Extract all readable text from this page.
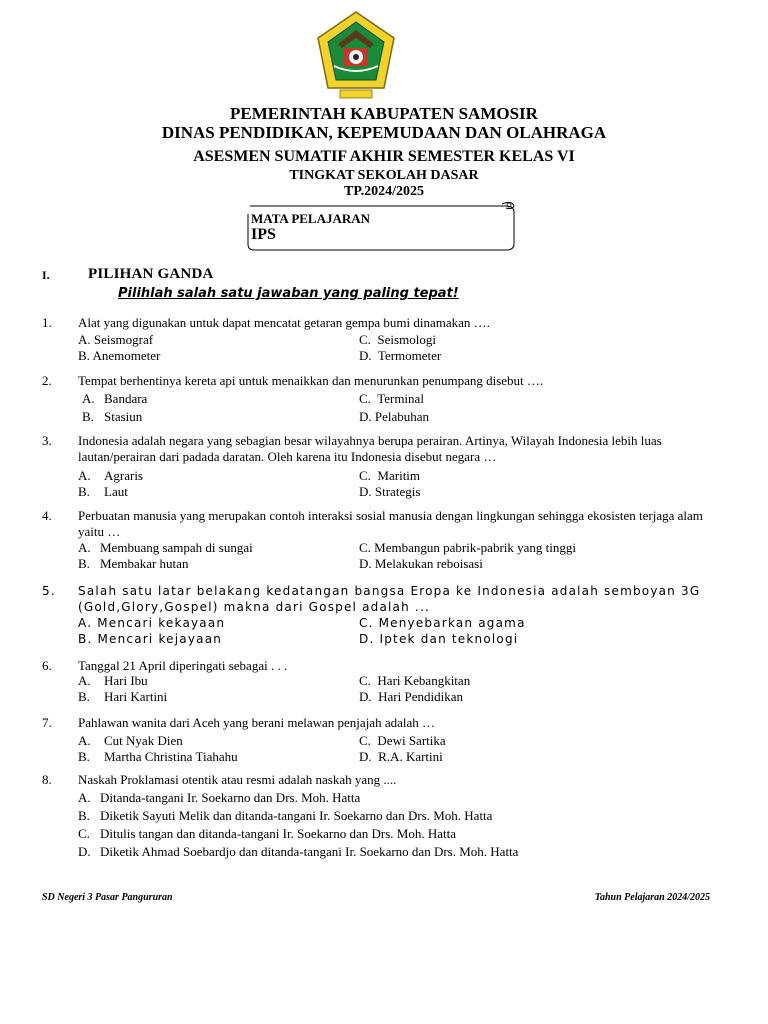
PEMERINTAH KABUPATEN SAMOSIR
DINAS PENDIDIKAN, KEPEMUDAAN DAN OLAHRAGA
ASESMEN SUMATIF AKHIR SEMESTER KELAS VI
TINGKAT SEKOLAH DASAR
TP.2024/2025
MATA PELAJARAN
IPS
I.	PILIHAN GANDA
Pilihlah salah satu jawaban yang paling tepat!
1. Alat yang digunakan untuk dapat mencatat getaran gempa bumi dinamakan ….
A. Seismograf	C. Seismologi
B. Anemometer	D. Termometer
2. Tempat berhentinya kereta api untuk menaikkan dan menurunkan penumpang disebut ….
A. Bandara	C. Terminal
B. Stasiun	D. Pelabuhan
3. Indonesia adalah negara yang sebagian besar wilayahnya berupa perairan. Artinya, Wilayah Indonesia lebih luas lautan/perairan dari padada daratan. Oleh karena itu Indonesia disebut negara …
A. Agraris	C. Maritim
B. Laut	D. Strategis
4. Perbuatan manusia yang merupakan contoh interaksi sosial manusia dengan lingkungan sehingga ekosisten terjaga alam yaitu …
A. Membuang sampah di sungai	C. Membangun pabrik-pabrik yang tinggi
B. Membakar hutan	D. Melakukan reboisasi
5. Salah satu latar belakang kedatangan bangsa Eropa ke Indonesia adalah semboyan 3G (Gold,Glory,Gospel) makna dari Gospel adalah ...
A. Mencari kekayaan	C. Menyebarkan agama
B. Mencari kejayaan	D. Iptek dan teknologi
6. Tanggal 21 April diperingati sebagai . . .
A. Hari Ibu	C. Hari Kebangkitan
B. Hari Kartini	D. Hari Pendidikan
7. Pahlawan wanita dari Aceh yang berani melawan penjajah adalah …
A. Cut Nyak Dien	C. Dewi Sartika
B. Martha Christina Tiahahu	D. R.A. Kartini
8. Naskah Proklamasi otentik atau resmi adalah naskah yang ....
A. Ditanda-tangani Ir. Soekarno dan Drs. Moh. Hatta
B. Diketik Sayuti Melik dan ditanda-tangani Ir. Soekarno dan Drs. Moh. Hatta
C. Ditulis tangan dan ditanda-tangani Ir. Soekarno dan Drs. Moh. Hatta
D. Diketik Ahmad Soebardjo dan ditanda-tangani Ir. Soekarno dan Drs. Moh. Hatta
SD Negeri 3 Pasar Pangururan	Tahun Pelajaran 2024/2025
